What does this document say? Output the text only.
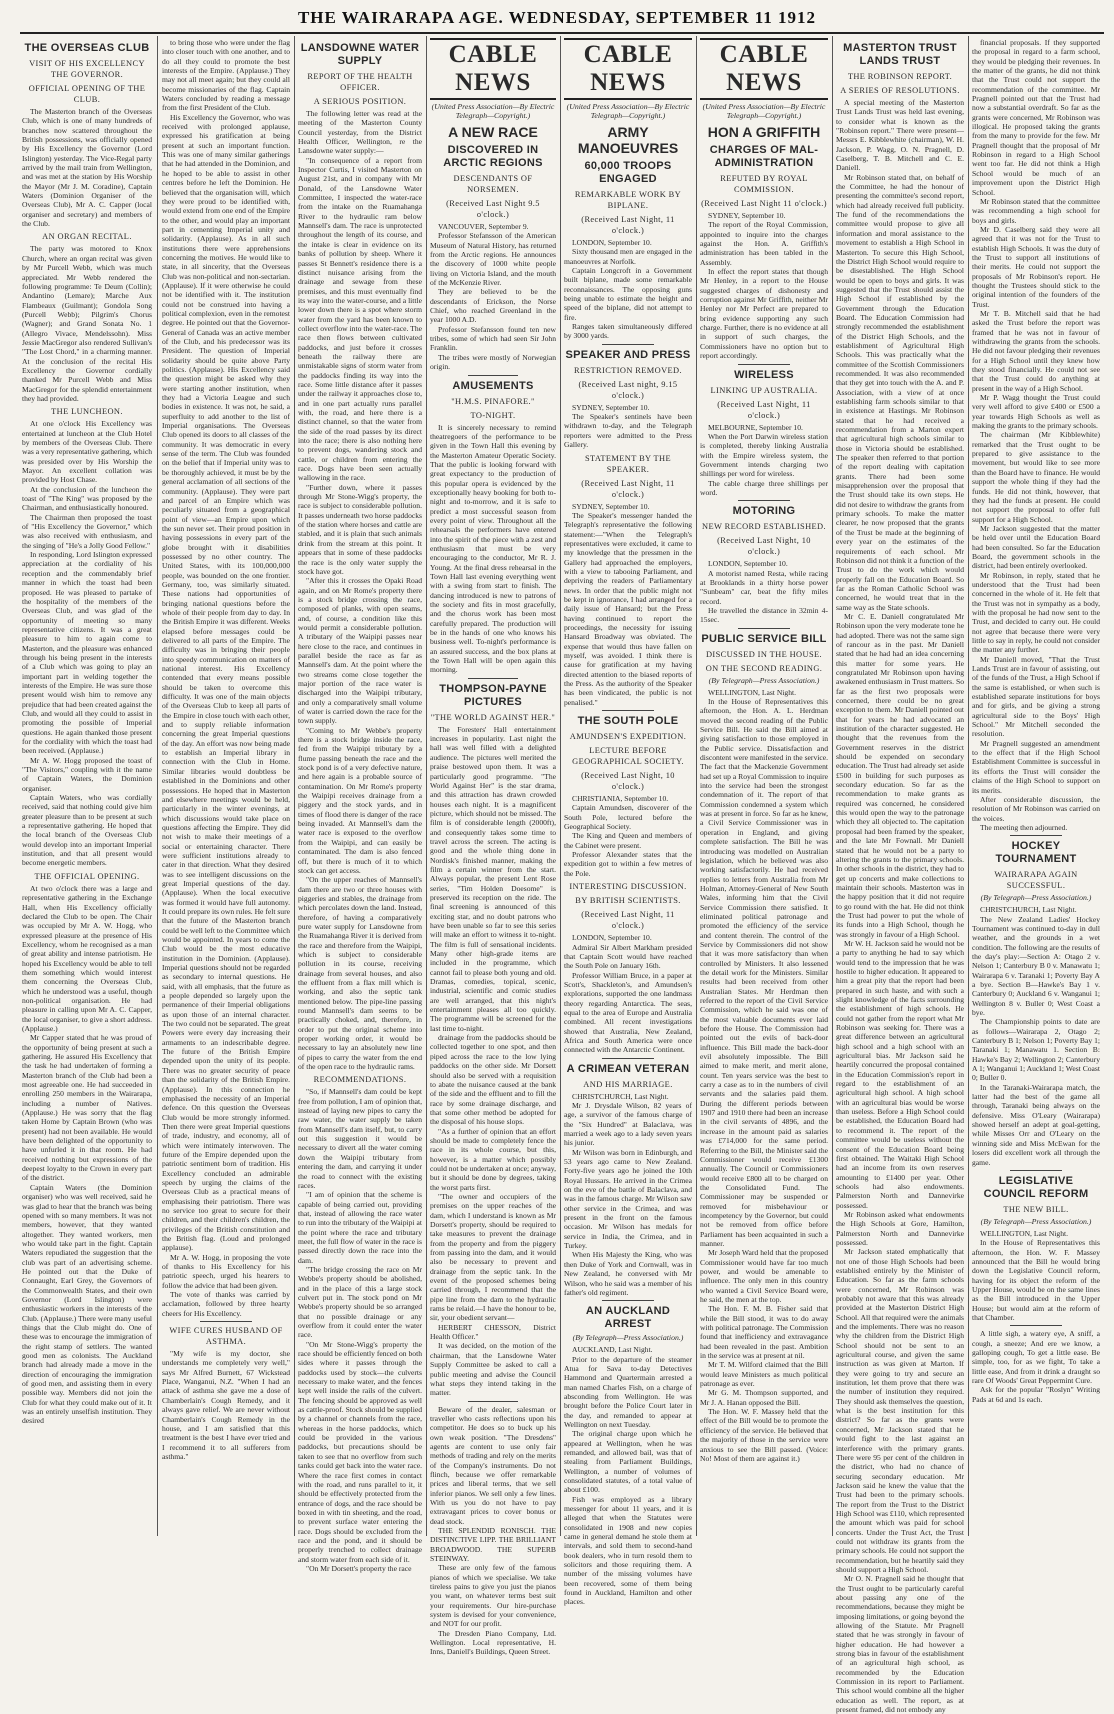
THE WAIRARAPA AGE. WEDNESDAY, SEPTEMBER 11 1912
THE OVERSEAS CLUB
VISIT OF HIS EXCELLENCY THE GOVERNOR.
OFFICIAL OPENING OF THE CLUB.

The Masterton branch of the Overseas Club, which is one of many hundreds of branches now scattered throughout the British possessions, was officially opened by His Excellency the Governor (Lord Islington) yesterday. The Vice-Regal party arrived by the mail train from Wellington, and was met at the station by His Worship the Mayor (Mr J. M. Coradine), Captain Waters (Dominion Organiser of the Overseas Club), Mr A. C. Capper (local organiser and secretary) and members of the Club.

AN ORGAN RECITAL.

The party was motored to Knox Church, where an organ recital was given by Mr Purcell Webb, which was much appreciated. Mr Webb rendered the following programme: Te Deum (Collin); Andantino (Lemare); Marche Aux Flambeaux (Guilmant); Gondola Song (Purcell Webb); Pilgrim's Chorus (Wagner); and Grand Sonata No. 1 (Allegro Vivace, Mendelssohn). Miss Jessie MacGregor also rendered Sullivan's "The Lost Chord," in a charming manner. At the conclusion of the recital His Excellency the Governor cordially thanked Mr Purcell Webb and Miss MacGregor for the splendid entertainment they had provided.

THE LUNCHEON.

At one o'clock His Excellency was entertained at luncheon at the Club Hotel by members of the Overseas Club. There was a very representative gathering, which was presided over by His Worship the Mayor. An excellent collation was provided by Host Chase.

At the conclusion of the luncheon the toast of "The King" was proposed by the Chairman, and enthusiastically honoured.

The Chairman then proposed the toast of "His Excellency the Governor," which was also received with enthusiasm, and the singing of "He's a Jolly Good Fellow."

In responding, Lord Islington expressed appreciation at the cordiality of his reception and the commendably brief manner in which the toast had been proposed. He was pleased to partake of the hospitality of the members of the Overseas Club, and was glad of the opportunity of meeting so many representative citizens. It was a great pleasure to him to again come to Masterton, and the pleasure was enhanced through his being present in the interests of a Club which was going to play an important part in welding together the interests of the Empire. He was sure those present would wish him to remove any prejudice that had been created against the Club, and would all they could to assist in promoting the possible of Imperial questions. He again thanked those present for the cordiality with which the toast had been received. (Applause.)

Mr A. W. Hogg proposed the toast of "The Visitors," coupling with it the name of Captain Waters, the Dominion organiser.

Captain Waters, who was cordially received, said that nothing could give him greater pleasure than to be present at such a representative gathering. He hoped that the local branch of the Overseas Club would develop into an important Imperial institution, and that all present would become energetic members.

THE OFFICIAL OPENING.

At two o'clock there was a large and representative gathering in the Exchange Hall, when His Excellency officially declared the Club to be open. The Chair was occupied by Mr A. W. Hogg, who expressed pleasure at the presence of His Excellency, whom he recognised as a man of great ability and intense patriotism. He hoped his Excellency would be able to tell them something which would interest them concerning the Overseas Club, which he understood was a useful, though non-political organisation. He had pleasure in calling upon Mr A. C. Capper, the local organiser, to give a short address. (Applause.)

Mr Capper stated that he was proud of the opportunity of being present at such a gathering. He assured His Excellency that the task he had undertaken of forming a Masterton branch of the Club had been a most agreeable one. He had succeeded in enrolling 250 members in the Wairarapa, including a number of Natives. (Applause.) He was sorry that the flag taken Home by Captain Brown (who was present) had not been available. He would have been delighted of the opportunity to have unfurled it in that room. He had received nothing but expressions of the deepest loyalty to the Crown in every part of the district.

Captain Waters (the Dominion organiser) who was well received, said he was glad to hear that the branch was being opened with so many members. It was not members, however, that they wanted altogether. They wanted workers, men who would take part in the fight. Captain Waters repudiated the suggestion that the club was part of an advertising scheme. He pointed out that the Duke of Connaught, Earl Grey, the Governors of the Commonwealth States, and their own Governor (Lord Islington) were enthusiastic workers in the interests of the Club. (Applause.) There were many useful things that the Club might do. One of these was to encourage the immigration of the right stamp of settlers. The wanted good men as colonists. The Auckland branch had already made a move in the direction of encouraging the immigration of good men, and assisting them in every possible way. Members did not join the Club for what they could make out of it. It was an entirely unselfish institution. They desired

to bring those who were under the flag into closer touch with one another, and to do all they could to promote the best interests of the Empire. (Applause.) They may not all meet again; but they could all become missionaries of the flag. Captain Waters concluded by reading a message from the first President of the Club.

His Excellency the Governor, who was received with prolonged applause, expressed his gratification at being present at such an important function. This was one of many similar gatherings that he had attended in the Dominion, and he hoped to be able to assist in other centres before he left the Dominion. He believed that the organisation will, which they were proud to be identified with, would extend from one end of the Empire to the other, and would play an important part in cementing Imperial unity and solidarity. (Applause). As in all such institutions there were apprehensions concerning the motives. He would like to state, in all sincerity, that the Overseas Club was non-political and non-sectarian. (Applause). If it were otherwise he could not be identified with it. The institution could not be construed into having a political complexion, even in the remotest degree. He pointed out that the Governor-General of Canada was an active member of the Club, and his predecessor was its President. The question of Imperial solidarity should be quite above Party politics. (Applause). His Excellency said the question might be asked why they were starting another institution, when they had a Victoria League and such bodies in existence. It was not, he said, a superfluity to add another to the list of Imperial organisations. The Overseas Club opened its doors to all classes of the community. It was democratic in every sense of the term. The Club was founded on the belief that if Imperial unity was to be thoroughly achieved, it must be by the general acclamation of all sections of the community. (Applause). They were part and parcel of an Empire which was peculiarly situated from a geographical point of view—an Empire upon which the sun never set. Their proud position in having possessions in every part of the globe brought with it disabilities possessed by no other country. The United States, with its 100,000,000 people, was bounded on the one frontier. Germany, too, was similarly situated. These nations had opportunities of bringing national questions before the whole of their people from day to day. In the British Empire it was different. Weeks elapsed before messages could be delivered to all parts of the Empire. The difficulty was in bringing their people into speedy communication on matters of national interest. His Excellency contended that every means possible should be taken to overcome this difficulty. It was one of the main objects of the Overseas Club to keep all parts of the Empire in close touch with each other, and to supply reliable information concerning the great Imperial questions of the day. An effort was now being made to establish an Imperial library in connection with the Club in Home. Similar libraries would doubtless be established in the Dominions and other possessions. He hoped that in Masterton and elsewhere meetings would be held, particularly in the winter evenings, at which discussions would take place on questions affecting the Empire. They did not wish to make their meetings of a social or entertaining character. There were sufficient institutions already to cater in that direction. What they desired was to see intelligent discussions on the great Imperial questions of the day. (Applause). When the local executive was formed it would have full autonomy. It could prepare its own rules. He felt sure that the future of the Masterton branch could be well left to the Committee which would be appointed. In years to come the Club would be the most educative institution in the Dominion. (Applause). Imperial questions should not be regarded as secondary to internal questions. He said, with all emphasis, that the future as a people depended so largely upon the permanence of their Imperial obligations as upon those of an internal character. The two could not be separated. The great Powers were every day increasing their armaments to an indescribable degree. The future of the British Empire depended upon the unity of its people. There was no greater security of peace than the solidarity of the British Empire. (Applause). In this connection he emphasised the necessity of an Imperial defence. On this question the Overseas Club would be more strongly informed. Then there were great Imperial questions of trade, industry, and economy, all of which were intimately interwoven. The future of the Empire depended upon the patriotic sentiment born of tradition. His Excellency concluded an admirable speech by urging the claims of the Overseas Club as a practical means of emphasising their patriotism. There was no service too great to secure for their children, and their children's children, the privileges of the British constitution and the British flag. (Loud and prolonged applause).

Mr A. W. Hogg, in proposing the vote of thanks to His Excellency for his patriotic speech, urged his hearers to follow the advice that had been given.

The vote of thanks was carried by acclamation, followed by three hearty cheers for His Excellency.

WIFE CURES HUSBAND OF ASTHMA.

"My wife is my doctor, she understands me completely very well," says Mr Alfred Burnett, 67 Wickstead Place, Wanganui, N.Z. "When I had an attack of asthma she gave me a dose of Chamberlain's Cough Remedy, and it always gave relief. We are never without Chamberlain's Cough Remedy in the house, and I am satisfied that this treatment is the best I have ever tried and I recommend it to all sufferers from asthma."

LANSDOWNE WATER SUPPLY
REPORT OF THE HEALTH OFFICER.
A SERIOUS POSITION.

The following letter was read at the meeting of the Masterton County Council yesterday, from the District Health Officer, Wellington, re the Lansdowne water supply:—

"In consequence of a report from Inspector Curtis, I visited Masterton on August 21st, and in company with Mr Donald, of the Lansdowne Water Committee, I inspected the water-race from the intake on the Ruamahanga River to the hydraulic ram below Mannsell's dam. The race is unprotected throughout the length of its course, and the intake is clear in evidence on its banks of pollution by sheep. Where it passes St Bennett's residence there is a distinct nuisance arising from the drainage and sewage from these premises, and this must eventually find its way into the water-course, and a little lower down there is a spot where storm water from the yard has been known to collect overflow into the water-race. The race then flows between cultivated paddocks, and just before it crosses beneath the railway there are unmistakable signs of storm water from the paddocks finding its way into the race. Some little distance after it passes under the railway it approaches close to, and in one part actually runs parallel with, the road, and here there is a distinct channel, so that the water from the side of the road passes by its direct into the race; there is also nothing here to prevent dogs, wandering stock and cattle, or children from entering the race. Dogs have been seen actually wallowing in the race.

"Further down, where it passes through Mr Stone-Wigg's property, the race is subject to considerable pollution. It passes underneath two horse paddocks of the station where horses and cattle are stabled, and it is plain that such animals drink from the stream at this point. It appears that in some of these paddocks the race is the only water supply the stock have got.

"After this it crosses the Opaki Road again, and on Mr Rome's property there is a stock bridge crossing the race, composed of planks, with open seams, and, of course, a condition like this would permit a considerable pollution. A tributary of the Waipipi passes near here close to the race, and continues in parallel beside the race as far as Mannsell's dam. At the point where the two streams come close together the major portion of the race water is discharged into the Waipipi tributary, and only a comparatively small volume of water is carried down the race for the town supply.

"Coming to Mr Webbe's property there is a stock bridge inside the race, fed from the Waipipi tributary by a flume passing beneath the race and the stock pond is of a very defective nature, and here again is a probable source of contamination. On Mr Rome's property the Waipipi receives drainage from a piggery and the stock yards, and in times of flood there is danger of the race being invaded. At Mannsell's dam the water race is exposed to the overflow from the Waipipi, and can easily be contaminated. The dam is also fenced off, but there is much of it to which stock can get access.

"On the upper reaches of Mannsell's dam there are two or three houses with piggeries and stables, the drainage from which percolates down the land. Instead, therefore, of having a comparatively pure water supply for Lansdowne from the Ruamahanga River it is derived from the race and therefore from the Waipipi, which is subject to considerable pollution in its course, receiving drainage from several houses, and also the effluent from a flax mill which is working, and also the septic tank mentioned below. The pipe-line passing round Mannsell's dam seems to be practically choked, and, therefore, in order to put the original scheme into proper working order, it would be necessary to lay an absolutely new line of pipes to carry the water from the end of the open race to the hydraulic rams.

RECOMMENDATIONS.

"So, if Mannsell's dam could be kept free from pollution, I am of opinion that, instead of laying new pipes to carry the raw water, the water supply be taken from Mannsell's dam itself, but, to carry out this suggestion it would be necessary to divert all the water coming down the Waipipi tributary from entering the dam, and carrying it under the road to connect with the existing races.

"I am of opinion that the scheme is capable of being carried out, providing that, instead of allowing the race water to run into the tributary of the Waipipi at the point where the race and tributary meet, the full flow of water in the race is passed directly down the race into the dam.

"The bridge crossing the race on Mr Webbe's property should be abolished, and in the place of this a large stock culvert put in. The stock pond on Mr Webbe's property should be so arranged that no possible drainage or any overflow from it could enter the water race.

"On Mr Stone-Wigg's property the race should be efficiently fenced on both sides where it passes through the paddocks used by stock—the culverts necessary to make water, and the fences kept well inside the rails of the culvert. The fencing should be approved as well as cattle-proof. Stock should be supplied by a channel or channels from the race, whereas in the horse paddocks, which could be provided in the various paddocks, but precautions should be taken to see that no overflow from such tanks could get back into the water race. Where the race first comes in contact with the road, and runs parallel to it, it should be effectively protected from the entrance of dogs, and the race should be boxed in with tin sheeting, and the road, to prevent surface water entering the race. Dogs should be excluded from the race and the pond, and it should be properly trenched to collect drainage and storm water from each side of it.

"On Mr Dorsett's property the race

CABLE NEWS
(United Press Association—By Electric Telegraph—Copyright.)
A NEW RACE
DISCOVERED IN ARCTIC REGIONS
DESCENDANTS OF NORSEMEN.
(Received Last Night 9.5 o'clock.)

VANCOUVER, September 9.

Professor Stefansson of the American Museum of Natural History, has returned from the Arctic regions. He announces the discovery of 1000 white people living on Victoria Island, and the mouth of the McKenzie River.

They are believed to be the descendants of Erickson, the Norse Chief, who reached Greenland in the year 1000 A.D.

Professor Stefansson found ten new tribes, some of which had seen Sir John Franklin.

The tribes were mostly of Norwegian origin.

AMUSEMENTS
"H.M.S. PINAFORE."
TO-NIGHT.

It is sincerely necessary to remind theatregoers of the performance to be given in the Town Hall this evening by the Masterton Amateur Operatic Society. That the public is looking forward with great expectancy to the production of this popular opera is evidenced by the exceptionally heavy booking for both to-night and to-morrow, and it is safe to predict a most successful season from every point of view. Throughout all the rehearsals the performers have entered into the spirit of the piece with a zest and enthusiasm that must be very encouraging to the conductor, Mr R. J. Young. At the final dress rehearsal in the Town Hall last evening everything went with a swing from start to finish. The dancing introduced is new to patrons of the society and fits in most gracefully, and the chorus work has been most carefully prepared. The production will be in the hands of one who knows his business well. To-night's performance is an assured success, and the box plans at the Town Hall will be open again this morning.

THOMPSON-PAYNE PICTURES
"THE WORLD AGAINST HER."

The Foresters' Hall entertainment increases in popularity. Last night the hall was well filled with a delighted audience. The pictures well merited the praise bestowed upon them. It was a particularly good programme. "The World Against Her" is the star drama, and this attraction has drawn crowded houses each night. It is a magnificent picture, which should not be missed. The film is of considerable length (2000ft), and consequently takes some time to travel across the screen. The acting is good and the whole thing done in Nordisk's finished manner, making the film a certain winner from the start. Always popular, the present Lent Rose series, "Tim Holden Doesome" is preserved its reception on the ride. The final screening is announced of this exciting star, and no doubt patrons who have been unable so far to see this series will make an effort to witness it to-night. The film is full of sensational incidents. Many other high-grade items are included in the programme, which cannot fail to please both young and old. Dramas, comedies, topical, scenic, industrial, scientific and comic studies are well arranged, that this night's entertainment pleases all too quickly. The programme will be screened for the last time to-night.

drainage from the paddocks should be collected together to one spot, and then piped across the race to the low lying paddocks on the other side. Mr Dorsett should also be served with a requisition to abate the nuisance caused at the bank of the side and the effluent and to fill the race by some drainage discharge, and that some other method be adopted for the disposal of his house slops.

"As a further of opinion that an effort should be made to completely fence the race in its whole course, but this, however, is a matter which possibly could not be undertaken at once; anyway, but it should be done by degrees, taking the worst parts first.

"The owner and occupiers of the premises on the upper reaches of the dam, which I understand is known as Mr Dorsett's property, should be required to take measures to prevent the drainage from the property and from the piggery from passing into the dam, and it would also be necessary to prevent and drainage from the septic tank. In the event of the proposed schemes being carried through, I recommend that the pipe line from the dam to the hydraulic rams be relaid.—I have the honour to be, sir, your obedient servant—

HERBERT CHESSON, District Health Officer."

It was decided, on the motion of the chairman, that the Lansdowne Water Supply Committee be asked to call a public meeting and advise the Council what steps they intend taking in the matter.

Beware of the dealer, salesman or traveller who casts reflections upon his competitor. He does so to buck up his own weak position. "The Dresdens" agents are content to use only fair methods of trading and rely on the merits of the Company's instruments. Do not flinch, because we offer remarkable prices and liberal terms, that we sell inferior pianos. We sell only a few lines. With us you do not have to pay extravagant prices to cover bonus or dead stock.

THE SPLENDID RONISCH. THE DISTINCTIVE LIPP. THE BRILLIANT BROADWOOD. THE SUPERB STEINWAY.

These are only few of the famous pianos of which we specialise. We take tireless pains to give you just the pianos you want, on whatever terms best suit your requirements. Our hire-purchase system is devised for your convenience, and NOT for our profit.

The Dresden Piano Company, Ltd. Wellington. Local representative, H. Inns, Daniell's Buildings, Queen Street.

CABLE NEWS
(United Press Association—By Electric Telegraph—Copyright.)
ARMY MANOEUVRES
60,000 TROOPS ENGAGED
REMARKABLE WORK BY BIPLANE.
(Received Last Night, 11 o'clock.)

LONDON, September 10.

Sixty thousand men are engaged in the manoeuvres at Norfolk.

Captain Longcroft in a Government built biplane, made some remarkable reconnaissances. The opposing guns being unable to estimate the height and speed of the biplane, did not attempt to fire.

Ranges taken simultaneously differed by 3000 yards.

SPEAKER AND PRESS
RESTRICTION REMOVED.
(Received Last night, 9.15 o'clock.)

SYDNEY, September 10.

The Speaker's sentinels have been withdrawn to-day, and the Telegraph reporters were admitted to the Press Gallery.

STATEMENT BY THE SPEAKER.
(Received Last Night, 11 o'clock.)

SYDNEY, September 10.

The Speaker's messenger handed the Telegraph's representative the following statement:—"When the Telegraph's representatives were excluded, it came to my knowledge that the pressmen in the Gallery had approached the employers, with a view to tabooing Parliament, and depriving the readers of Parliamentary news. In order that the public might not be kept in ignorance, I had arranged for a daily issue of Hansard; but the Press having continued to report the proceedings, the necessity for issuing Hansard Broadway was obviated. The expense that would thus have fallen on myself, was avoided. I think there is cause for gratification at my having directed attention to the biased reports of the Press. As the authority of the Speaker has been vindicated, the public is not penalised."

THE SOUTH POLE
AMUNDSEN'S EXPEDITION.
LECTURE BEFORE GEOGRAPHICAL SOCIETY.
(Received Last Night, 10 o'clock.)

CHRISTIANIA, September 10.

Captain Amundsen, discoverer of the South Pole, lectured before the Geographical Society.

The King and Queen and members of the Cabinet were present.

Professor Alexander states that the expedition got to within a few metres of the Pole.

INTERESTING DISCUSSION.
BY BRITISH SCIENTISTS.
(Received Last Night, 11 o'clock.)

LONDON, September 10.

Admiral Sir Albert Markham presided that Captain Scott would have reached the South Pole on January 16th.

Professor William Bruce, in a paper at Scott's, Shackleton's, and Amundsen's explorations, supported the one landmass theory regarding Antarctica. The seas, equal to the area of Europe and Australia combined. All recent investigations showed that Australia, New Zealand, Africa and South America were once connected with the Antarctic Continent.

A CRIMEAN VETERAN
AND HIS MARRIAGE.

CHRISTCHURCH, Last Night.

Mr J. Drysdale Wilson, 82 years of age, a survivor of the famous charge of the "Six Hundred" at Balaclava, was married a week ago to a lady seven years his junior.

Mr Wilson was born in Edinburgh, and 53 years ago came to New Zealand. Forty-five years ago he joined the 10th Royal Hussars. He arrived in the Crimea on the eve of the battle of Balaclava, and was in the famous charge. Mr Wilson saw other service in the Crimea, and was present in the front on the famous occasion. Mr Wilson has medals for service in India, the Crimea, and in Turkey.

When His Majesty the King, who was then Duke of York and Cornwall, was in New Zealand, he conversed with Mr Wilson, who he said was a member of his father's old regiment.

AN AUCKLAND ARREST
(By Telegraph—Press Association.)

AUCKLAND, Last Night.

Prior to the departure of the steamer Atua for Sava to-day Detectives Hammond and Quartermain arrested a man named Charles Fish, on a charge of absconding from Wellington. He was brought before the Police Court later in the day, and remanded to appear at Wellington on next Tuesday.

The original charge upon which he appeared at Wellington, when he was remanded, and allowed bail, was that of stealing from Parliament Buildings, Wellington, a number of volumes of consolidated statutes, of a total value of about £100.

Fish was employed as a library messenger for about 11 years, and it is alleged that when the Statutes were consolidated in 1908 and new copies came in general demand he stole them at intervals, and sold them to second-hand book dealers, who in turn resold them to solicitors and those requiring them. A number of the missing volumes have been recovered, some of them being found in Auckland, Hamilton and other places.

CABLE NEWS
(United Press Association—By Electric Telegraph—Copyright.)
HON A GRIFFITH
CHARGES OF MAL-ADMINISTRATION
REFUTED BY ROYAL COMMISSION.
(Received Last Night 11 o'clock.)

SYDNEY, September 10.

The report of the Royal Commission, appointed to inquire into the charges against the Hon. A. Griffith's administration has been tabled in the Assembly.

In effect the report states that though Mr Henley, in a report to the House suggested charges of dishonesty and corruption against Mr Griffith, neither Mr Henley nor Mr Perfect are prepared to bring evidence supporting any such charge. Further, there is no evidence at all in support of such charges, the Commissioners have no option but to report accordingly.

WIRELESS
LINKING UP AUSTRALIA.
(Received Last Night, 11 o'clock.)

MELBOURNE, September 10.

When the Port Darwin wireless station is completed, thereby linking Australia with the Empire wireless system, the Government intends charging two shillings per word for wireless.

The cable charge three shillings per word.

MOTORING
NEW RECORD ESTABLISHED.
(Received Last Night, 10 o'clock.)

LONDON, September 10.

A motorist named Resta, while racing at Brooklands in a thirty horse power "Sunbeam" car, beat the fifty miles record.

He travelled the distance in 32min 4-15sec.

PUBLIC SERVICE BILL
DISCUSSED IN THE HOUSE.
ON THE SECOND READING.
(By Telegraph—Press Association.)

WELLINGTON, Last Night.

In the House of Representatives this afternoon, the Hon. A. L. Herdman moved the second reading of the Public Service Bill. He said the Bill aimed at giving satisfaction to those employed in the Public service. Dissatisfaction and discontent were manifested in the service. The fact that the Mackenzie Government had set up a Royal Commission to inquire into the service had been the strongest condemnation of it. The report of that Commission condemned a system which was at present in force. So far as he knew, a Civil Service Commissioner was in operation in England, and giving complete satisfaction. The Bill he was introducing was modelled on Australian legislation, which he believed was also working satisfactorily. He had received replies to letters from Australia from Mr Holman, Attorney-General of New South Wales, informing him that the Civil Service Commission there satisfied. It eliminated political patronage and promoted the efficiency of the service and content therein. The control of the Service by Commissioners did not show that it was more satisfactory than when controlled by Ministers. It also lessened the detail work for the Ministers. Similar results had been received from other Australian States. Mr Herdman then referred to the report of the Civil Service Commission, which he said was one of the most valuable documents ever laid before the House. The Commission had pointed out the evils of back-door influence. This Bill made the back-door evil absolutely impossible. The Bill aimed to make merit, and merit alone, count. Ten years service was the best to carry a case as to in the numbers of civil servants and the salaries paid them. During the different periods between 1907 and 1910 there had been an increase in the civil servants of 4896, and the increase in the amount paid as salaries was £714,000 for the same period. Referring to the Bill, the Minister said the Commissioner would receive £1300 annually. The Council or Commissioners would receive £800 all to be charged on the Consolidated Fund. The Commissioner may be suspended or removed for misbehaviour or incompetency by the Governor, but could not be removed from office before Parliament has been acquainted in such a manner.

Mr Joseph Ward held that the proposed Commissioner would have far too much power, and would be amenable to influence. The only men in this country who wanted a Civil Service Board were, he said, the men at the top.

The Hon. F. M. B. Fisher said that while the Bill stood, it was to do away with political patronage. The Commission found that inefficiency and extravagance had been revealed in the past. Ambition in the service was at present at nil.

Mr T. M. Wilford claimed that the Bill would leave Ministers as much political patronage as ever.

Mr G. M. Thompson supported, and Mr J. A. Hanan opposed the Bill.

The Hon. W. F. Massey held that the effect of the Bill would be to promote the efficiency of the service. He believed that the majority of those in the service were anxious to see the Bill passed. (Voice: No! Most of them are against it.)

MASTERTON TRUST LANDS TRUST
THE ROBINSON REPORT.
A SERIES OF RESOLUTIONS.

A special meeting of the Masterton Trust Lands Trust was held last evening, to consider what is known as the "Robinson report." There were present—Messrs E. Kibblewhite (chairman), W. H. Jackson, P. Wagg, O. N. Pragnell, D. Caselberg, T. B. Mitchell and C. E. Daniell.

Mr Robinson stated that, on behalf of the Committee, he had the honour of presenting the committee's second report, which had already received full publicity. The fund of the recommendations the committee would propose to give all information and moral assistance to the movement to establish a High School in Masterton. To secure this High School, the District High School would require to be disestablished. The High School would be open to boys and girls. It was suggested that the Trust should assist the High School if established by the Government through the Education Board. The Education Commission had strongly recommended the establishment of the District High Schools, and the establishment of Agricultural High Schools. This was practically what the committee of the Scottish Commissioners recommended. It was also recommended that they get into touch with the A. and P. Association, with a view of at once establishing farm schools similar to that in existence at Hastings. Mr Robinson stated that he had received a recommendation from a Marton expert that agricultural high schools similar to those in Victoria should be established. The speaker then referred to that portion of the report dealing with capitation grants. There had been some misapprehension over the proposal that the Trust should take its own steps. He did not desire to withdraw the grants from primary schools. To make the matter clearer, he now proposed that the grants of the Trust be made at the beginning of every year on the estimates of the requirements of each school. Mr Robinson did not think it a function of the Trust to do the work which would properly fall on the Education Board. So far as the Roman Catholic School was concerned, he would treat that in the same way as the State schools.

Mr C. E. Daniell congratulated Mr Robinson upon the very moderate tone he had adopted. There was not the same sign of rancour as in the past. Mr Daniell stated that he had had an idea concerning this matter for some years. He congratulated Mr Robinson upon having awakened enthusiasm in Trust matters. So far as the first two proposals were concerned, there could be no great exception to them. Mr Daniell pointed out that for years he had advocated an institution of the character suggested. He thought that the revenues from the Government reserves in the district should be expended on secondary education. The Trust had already set aside £500 in building for such purposes as secondary education. So far as the recommendation to make grants as required was concerned, he considered this would open the way to the patronage which they all objected to. The capitation proposal had been framed by the speaker, and the late Mr Fownall. Mr Daniell stated that he would not be a party to altering the grants to the primary schools. In other schools in the district, they had to get up concerts and make collections to maintain their schools. Masterton was in the happy position that it did not require to go round with the hat. He did not think the Trust had power to put the whole of its funds into a High School, though he was strongly in favour of a High School.

Mr W. H. Jackson said he would not be a party to anything he had to say which would tend to the impression that he was hostile to higher education. It appeared to him a great pity that the report had been prepared in such haste, and with such a slight knowledge of the facts surrounding the establishment of high schools. He could not gather from the report what Mr Robinson was seeking for. There was a great difference between an agricultural high school and a high school with an agricultural bias. Mr Jackson said he heartily concurred the proposal contained in the Education Commission's report in regard to the establishment of an agricultural high school. A high school with an agricultural bias would be worse than useless. Before a High School could be established, the Education Board had to recommend it. The report of the committee would be useless without the consent of the Education Board being first obtained. The Waitaki High School had an income from its own reserves amounting to £1400 per year. Other schools had also endowments. Palmerston North and Dannevirke possessed.

Mr Robinson asked what endowments the High Schools at Gore, Hamilton, Palmerston North and Dannevirke possessed.

Mr Jackson stated emphatically that not one of those High Schools had been established entirely by the Minister of Education. So far as the farm schools were concerned, Mr Robinson was probably not aware that this was already provided at the Masterton District High School. All that required were the animals and the implements. There was no reason why the children from the District High School should not be sent to an agricultural course, and given the same instruction as was given at Marton. If they were going to try and secure an institution, let them prove that there was the number of institution they required. They should ask themselves the question, what is the best institution for this district? So far as the grants were concerned, Mr Jackson stated that he would fight to the last against an interference with the primary grants. There were 95 per cent of the children in the district, who had no chance of securing secondary education. Mr Jackson said he knew the value that the Trust had been to the primary schools. The report from the Trust to the District High School was £110, which represented the amount which was paid for school concerts. Under the Trust Act, the Trust could not withdraw its grants from the primary schools. He could not support the recommendation, but he heartily said they should support a High School.

Mr O. N. Pragnell said he thought that the Trust ought to be particularly careful about passing any one of the recommendations, because they might be imposing limitations, or going beyond the allowing of the Statute. Mr Pragnell stated that he was strongly in favour of higher education. He had however a strong bias in favour of the establishment of an agricultural high school, as recommended by the Education Commission in its report to Parliament. This school would combine all the higher education as well. The report, as at present framed, did not embody any

financial proposals. If they supported the proposal in regard to a farm school, they would be pledging their revenues. In the matter of the grants, he did not think that the Trust could not support the recommendation of the committee. Mr Pragnell pointed out that the Trust had now a substantial overdraft. So far as the grants were concerned, Mr Robinson was illogical. He proposed taking the grants from the many to provide for the few. Mr Pragnell thought that the proposal of Mr Robinson in regard to a High School went too far. He did not think a High School would be much of an improvement upon the District High School.

Mr Robinson stated that the committee was recommending a high school for boys and girls.

Mr D. Caselberg said they were all agreed that it was not for the Trust to establish High Schools. It was the duty of the Trust to support all institutions of their merits. He could not support the proposals of Mr Robinson's report. He thought the Trustees should stick to the original intention of the founders of the Trust.

Mr T. B. Mitchell said that he had asked the Trust before the report was framed that he was not in favour of withdrawing the grants from the schools. He did not favour pledging their revenues for a High School until they knew how they stood financially. He could not see that the Trust could do anything at present in the way of a High School.

Mr P. Wagg thought the Trust could very well afford to give £400 or £500 a year towards High Schools as well as making the grants to the primary schools.

The chairman (Mr Kibblewhite) remarked that the Trust ought to be prepared to give assistance to the movement, but would like to see more than the Board have to finance. He would support the whole thing if they had the funds. He did not think, however, that they had the funds at present. He could not support the proposal to offer full support for a High School.

Mr Jackson suggested that the matter be held over until the Education Board had been consulted. So far the Education Board, the government schools in the district, had been entirely overlooked.

Mr Robinson, in reply, stated that he understood that the Trust had been concerned in the whole of it. He felt that the Trust was not in sympathy as a body, with the proposal he had now sent to the Trust, and decided to carry out. He could not agree that because there were very little to say in reply, he could not consider the matter any further.

Mr Daniell moved, "That the Trust Lands Trust are in favour of assisting, out of the funds of the Trust, a High School if the same is established, or when such is established separate institutions for boys and for girls, and be giving a strong agricultural side to the Boys' High School." Mr Mitchell seconded the resolution.

Mr Pragnell suggested an amendment to the effect that if the High School Establishment Committee is successful in its efforts the Trust will consider the claims of the High School to support on its merits.

After considerable discussion, the resolution of Mr Robinson was carried on the voices.

The meeting then adjourned.

HOCKEY TOURNAMENT
WAIRARAPA AGAIN SUCCESSFUL.
(By Telegraph—Press Association.)

CHRISTCHURCH, Last Night.

The New Zealand Ladies' Hockey Tournament was continued to-day in dull weather, and the grounds in a wet condition. The following are the results of the day's play:—Section A: Otago 2 v. Nelson 1; Canterbury B 0 v. Manawatu 1; Wairarapa 6 v. Taranaki 1; Poverty Bay A a bye. Section B—Hawke's Bay 1 v. Canterbury 0; Auckland 6 v. Wanganui 1; Wellington 8 v. Buller 0; West Coast a bye.

The Championship points to date are as follows—Wairarapa 2, Otago 2; Canterbury B 1; Nelson 1; Poverty Bay 1; Taranaki 1; Manawatu 1. Section B: Hawke's Bay 2; Wellington 2; Canterbury A 1; Wanganui 1; Auckland 1; West Coast 0; Buller 0.

In the Taranaki-Wairarapa match, the latter had the best of the game all through, Taranaki being always on the defensive. Miss O'Leary (Wairarapa) showed herself an adept at goal-getting, while Misses Orr and O'Leary on the winning side and Miss McEwan for the losers did excellent work all through the game.

LEGISLATIVE COUNCIL REFORM
THE NEW BILL.
(By Telegraph—Press Association.)

WELLINGTON, Last Night.

In the House of Representatives this afternoon, the Hon. W. F. Massey announced that the Bill he would bring down the Legislative Council reform, having for its object the reform of the Upper House, would be on the same lines as the Bill introduced in the Upper House; but would aim at the reform of that Chamber.

A little sigh, a watery eye, A sniff, a cough, a sneeze; And ere we know, a galloping cough, To get a little ease. Be simple, too, for as we fight, To take a little ease, And from it drink a draught so rare Of Woods' Great Peppermint Cure.

Ask for the popular "Roslyn" Writing Pads at 6d and 1s each.
